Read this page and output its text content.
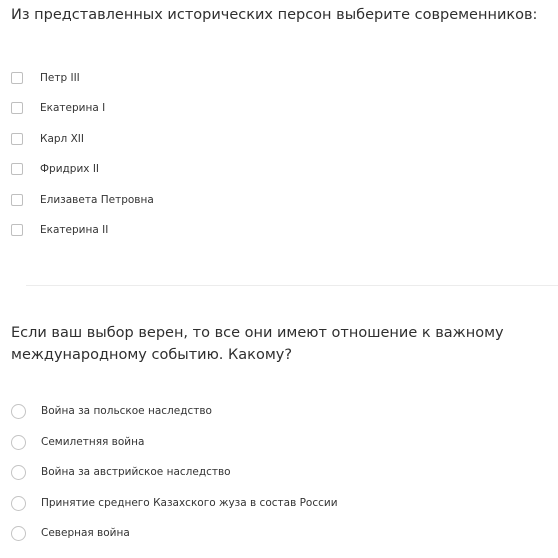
Из представленных исторических персон выберите современников:
Петр III
Екатерина I
Карл XII
Фридрих II
Елизавета Петровна
Екатерина II
Если ваш выбор верен, то все они имеют отношение к важному международному событию. Какому?
Война за польское наследство
Семилетняя война
Война за австрийское наследство
Принятие среднего Казахского жуза в состав России
Северная война
